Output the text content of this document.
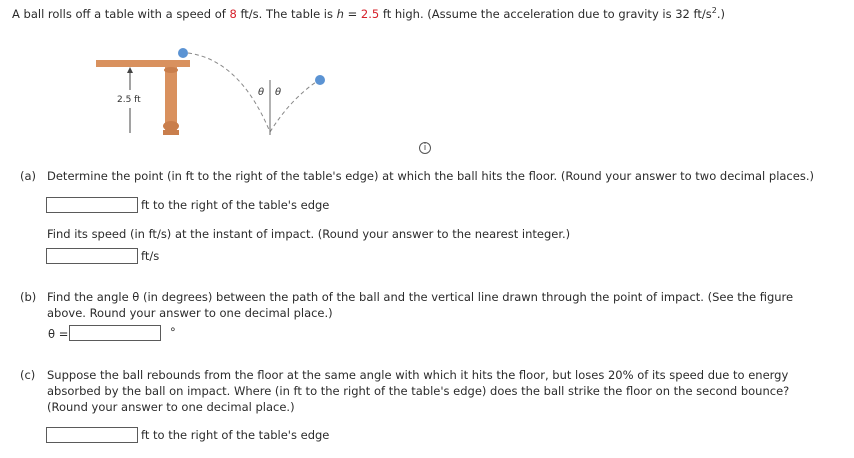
A ball rolls off a table with a speed of 8 ft/s. The table is h = 2.5 ft high. (Assume the acceleration due to gravity is 32 $ft/s^2$.)
2.5 ft
θ θ
i
(a) Determine the point (in ft to the right of the table's edge) at which the ball hits the floor. (Round your answer to two decimal places.)
ft to the right of the table's edge
Find its speed (in ft/s) at the instant of impact. (Round your answer to the nearest integer.)
ft/s
(b) Find the angle θ (in degrees) between the path of the ball and the vertical line drawn through the point of impact. (See the figure
above. Round your answer to one decimal place.)
θ =	°
(c) Suppose the ball rebounds from the floor at the same angle with which it hits the floor, but loses 20% of its speed due to energy
absorbed by the ball on impact. Where (in ft to the right of the table's edge) does the ball strike the floor on the second bounce?
(Round your answer to one decimal place.)
ft to the right of the table's edge
